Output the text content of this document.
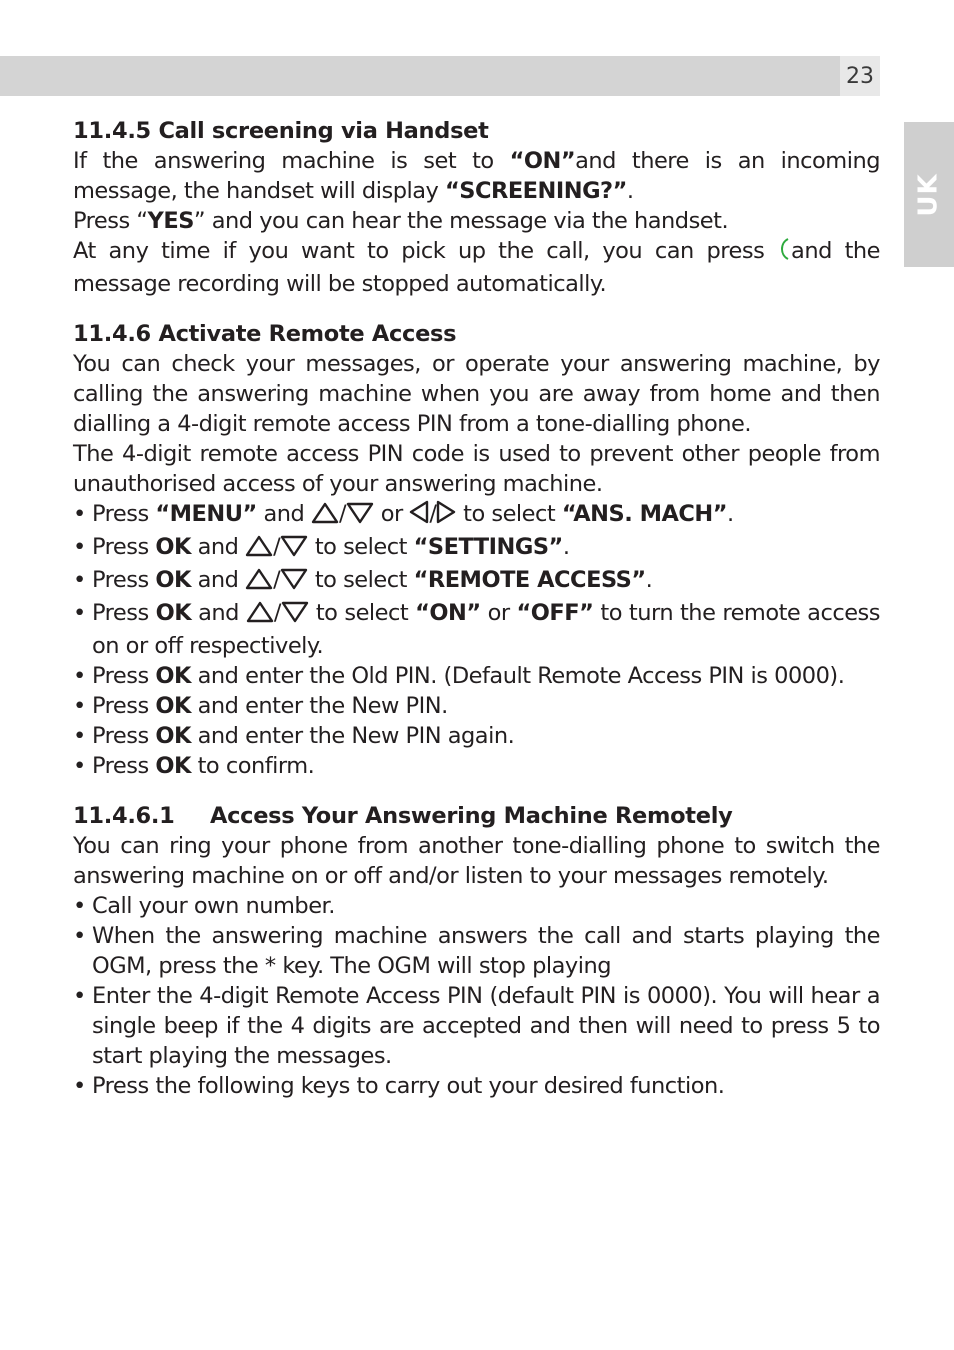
23
UK
11.4.5 Call screening via Handset

If the answering machine is set to “ON”and there is an incoming message, the handset will display “SCREENING?”.

Press “YES” and you can hear the message via the handset.

At any time if you want to pick up the call, you can press and the message recording will be stopped automatically.

11.4.6 Activate Remote Access

You can check your messages, or operate your answering machine, by calling the answering machine when you are away from home and then dialling a 4-digit remote access PIN from a tone-dialling phone.

The 4-digit remote access PIN code is used to prevent other people from unauthorised access of your answering machine.

• Press “MENU” and / or / to select “ANS. MACH”.
• Press OK and / to select “SETTINGS”.
• Press OK and / to select “REMOTE ACCESS”.
• Press OK and / to select “ON” or “OFF” to turn the remote access on or off respectively.
• Press OK and enter the Old PIN. (Default Remote Access PIN is 0000).
• Press OK and enter the New PIN.
• Press OK and enter the New PIN again.
• Press OK to confirm.
11.4.6.1 Access Your Answering Machine Remotely

You can ring your phone from another tone-dialling phone to switch the answering machine on or off and/or listen to your messages remotely.

• Call your own number.
• When the answering machine answers the call and starts playing the OGM, press the * key. The OGM will stop playing
• Enter the 4-digit Remote Access PIN (default PIN is 0000). You will hear a single beep if the 4 digits are accepted and then will need to press 5 to start playing the messages.
• Press the following keys to carry out your desired function.
